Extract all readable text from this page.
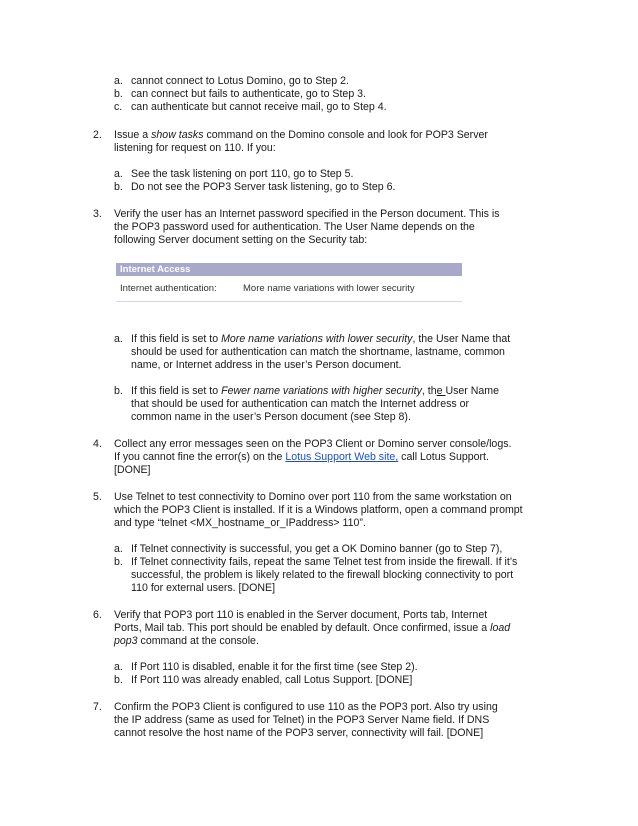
a. cannot connect to Lotus Domino, go to Step 2.
b. can connect but fails to authenticate, go to Step 3.
c. can authenticate but cannot receive mail, go to Step 4.
2. Issue a show tasks command on the Domino console and look for POP3 Server
listening for request on 110. If you:
a. See the task listening on port 110, go to Step 5.
b. Do not see the POP3 Server task listening, go to Step 6.
3. Verify the user has an Internet password specified in the Person document. This is
the POP3 password used for authentication. The User Name depends on the
following Server document setting on the Security tab:
Internet Access
Internet authentication:	More name variations with lower security
a. If this field is set to More name variations with lower security, the User Name that
should be used for authentication can match the shortname, lastname, common
name, or Internet address in the user’s Person document.
b. If this field is set to Fewer name variations with higher security, the User Name
that should be used for authentication can match the Internet address or
common name in the user’s Person document (see Step 8).
4. Collect any error messages seen on the POP3 Client or Domino server console/logs.
If you cannot fine the error(s) on the Lotus Support Web site, call Lotus Support.
[DONE]
5. Use Telnet to test connectivity to Domino over port 110 from the same workstation on
which the POP3 Client is installed. If it is a Windows platform, open a command prompt
and type “telnet <MX_hostname_or_IPaddress> 110”.
a. If Telnet connectivity is successful, you get a OK Domino banner (go to Step 7),
b. If Telnet connectivity fails, repeat the same Telnet test from inside the firewall. If it’s
successful, the problem is likely related to the firewall blocking connectivity to port
110 for external users. [DONE]
6. Verify that POP3 port 110 is enabled in the Server document, Ports tab, Internet
Ports, Mail tab. This port should be enabled by default. Once confirmed, issue a load
pop3 command at the console.
a. If Port 110 is disabled, enable it for the first time (see Step 2).
b. If Port 110 was already enabled, call Lotus Support. [DONE]
7. Confirm the POP3 Client is configured to use 110 as the POP3 port. Also try using
the IP address (same as used for Telnet) in the POP3 Server Name field. If DNS
cannot resolve the host name of the POP3 server, connectivity will fail. [DONE]
